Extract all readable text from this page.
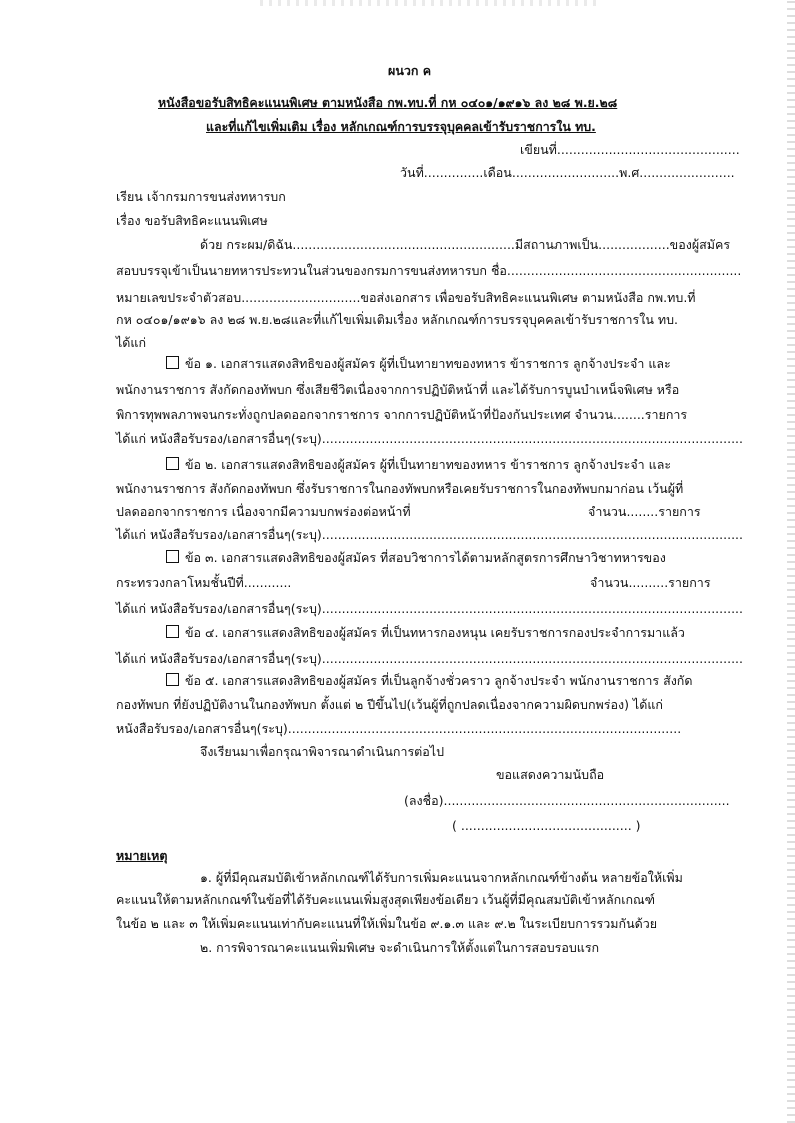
ผนวก ค
หนังสือขอรับสิทธิคะแนนพิเศษ ตามหนังสือ กพ.ทบ.ที่ กห ๐๔๐๑/๑๙๑๖ ลง ๒๘ พ.ย.๒๘
และที่แก้ไขเพิ่มเติม เรื่อง หลักเกณฑ์การบรรจุบุคคลเข้ารับราชการใน ทบ.
เขียนที่..............................................
วันที่...............เดือน...........................พ.ศ........................
เรียน เจ้ากรมการขนส่งทหารบก
เรื่อง ขอรับสิทธิคะแนนพิเศษ
ด้วย กระผม/ดิฉัน........................................................มีสถานภาพเป็น..................ของผู้สมัคร
สอบบรรจุเข้าเป็นนายทหารประทวนในส่วนของกรมการขนส่งทหารบก ชื่อ...........................................................
หมายเลขประจำตัวสอบ..............................ขอส่งเอกสาร เพื่อขอรับสิทธิคะแนนพิเศษ ตามหนังสือ กพ.ทบ.ที่
กห ๐๔๐๑/๑๙๑๖ ลง ๒๘ พ.ย.๒๘และที่แก้ไขเพิ่มเติมเรื่อง หลักเกณฑ์การบรรจุบุคคลเข้ารับราชการใน ทบ.
ได้แก่
ข้อ ๑. เอกสารแสดงสิทธิของผู้สมัคร ผู้ที่เป็นทายาทของทหาร ข้าราชการ ลูกจ้างประจำ และ
พนักงานราชการ สังกัดกองทัพบก ซึ่งเสียชีวิตเนื่องจากการปฏิบัติหน้าที่ และได้รับการบูนบำเหน็จพิเศษ หรือ
พิการทุพพลภาพจนกระทั่งถูกปลดออกจากราชการ จากการปฏิบัติหน้าที่ป้องกันประเทศ จำนวน........รายการ
ได้แก่ หนังสือรับรอง/เอกสารอื่นๆ(ระบุ)..........................................................................................................
ข้อ ๒. เอกสารแสดงสิทธิของผู้สมัคร ผู้ที่เป็นทายาทของทหาร ข้าราชการ ลูกจ้างประจำ และ
พนักงานราชการ สังกัดกองทัพบก ซึ่งรับราชการในกองทัพบกหรือเคยรับราชการในกองทัพบกมาก่อน เว้นผู้ที่
ปลดออกจากราชการ เนื่องจากมีความบกพร่องต่อหน้าที่	จำนวน........รายการ
ได้แก่ หนังสือรับรอง/เอกสารอื่นๆ(ระบุ)..........................................................................................................
ข้อ ๓. เอกสารแสดงสิทธิของผู้สมัคร ที่สอบวิชาการได้ตามหลักสูตรการศึกษาวิชาทหารของ
กระทรวงกลาโหมชั้นปีที่............	จำนวน..........รายการ
ได้แก่ หนังสือรับรอง/เอกสารอื่นๆ(ระบุ)..........................................................................................................
ข้อ ๔. เอกสารแสดงสิทธิของผู้สมัคร ที่เป็นทหารกองหนุน เคยรับราชการกองประจำการมาแล้ว
ได้แก่ หนังสือรับรอง/เอกสารอื่นๆ(ระบุ)..........................................................................................................
ข้อ ๕. เอกสารแสดงสิทธิของผู้สมัคร ที่เป็นลูกจ้างชั่วคราว ลูกจ้างประจำ พนักงานราชการ สังกัด
กองทัพบก ที่ยังปฏิบัติงานในกองทัพบก ตั้งแต่ ๒ ปีขึ้นไป(เว้นผู้ที่ถูกปลดเนื่องจากความผิดบกพร่อง) ได้แก่
หนังสือรับรอง/เอกสารอื่นๆ(ระบุ)...................................................................................................
จึงเรียนมาเพื่อกรุณาพิจารณาดำเนินการต่อไป
ขอแสดงความนับถือ
(ลงชื่อ)........................................................................
( ........................................... )
หมายเหตุ
๑. ผู้ที่มีคุณสมบัติเข้าหลักเกณฑ์ได้รับการเพิ่มคะแนนจากหลักเกณฑ์ข้างต้น หลายข้อให้เพิ่ม
คะแนนให้ตามหลักเกณฑ์ในข้อที่ได้รับคะแนนเพิ่มสูงสุดเพียงข้อเดียว เว้นผู้ที่มีคุณสมบัติเข้าหลักเกณฑ์
ในข้อ ๒ และ ๓ ให้เพิ่มคะแนนเท่ากับคะแนนที่ให้เพิ่มในข้อ ๙.๑.๓ และ ๙.๒ ในระเบียบการรวมกันด้วย
๒. การพิจารณาคะแนนเพิ่มพิเศษ จะดำเนินการให้ตั้งแต่ในการสอบรอบแรก
